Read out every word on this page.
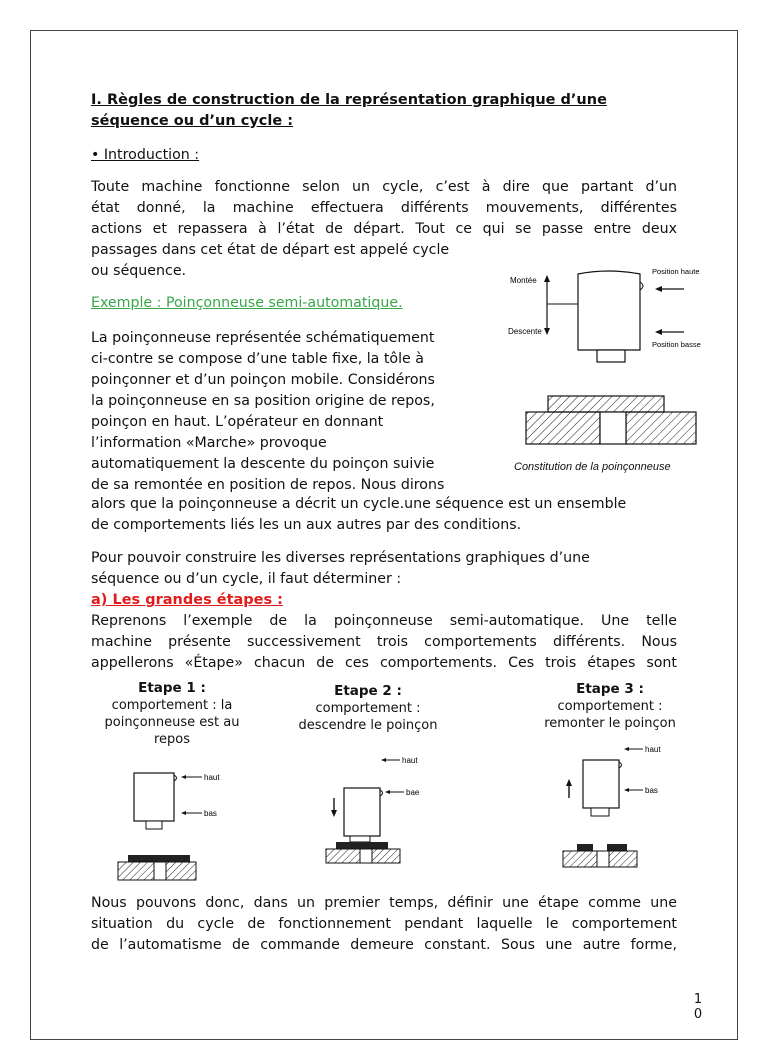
I. Règles de construction de la représentation graphique d’une
séquence ou d’un cycle :
• Introduction :
Toute machine fonctionne selon un cycle, c’est à dire que partant d’un
état donné, la machine effectuera différents mouvements, différentes
actions et repassera à l’état de départ. Tout ce qui se passe entre deux
passages dans cet état de départ est appelé cycle
ou séquence.
Exemple : Poinçonneuse semi-automatique.
La poinçonneuse représentée schématiquement
ci-contre se compose d’une table fixe, la tôle à
poinçonner et d’un poinçon mobile. Considérons
la poinçonneuse en sa position origine de repos,
poinçon en haut. L’opérateur en donnant
l’information «Marche» provoque
automatiquement la descente du poinçon suivie
de sa remontée en position de repos. Nous dirons
alors que la poinçonneuse a décrit un cycle.une séquence est un ensemble
de comportements liés les un aux autres par des conditions.
Montée
Descente
Position haute
Position basse
Constitution de la poinçonneuse
Pour pouvoir construire les diverses représentations graphiques d’une
séquence ou d’un cycle, il faut déterminer :
a) Les grandes étapes :
Reprenons l’exemple de la poinçonneuse semi-automatique. Une telle
machine présente successivement trois comportements différents. Nous
appellerons «Étape» chacun de ces comportements. Ces trois étapes sont
Etape 1 :
comportement : la
poinçonneuse est au
repos
Etape 2 :
comportement :
descendre le poinçon
Etape 3 :
comportement :
remonter le poinçon
haut
bas
haut
bae
haut
bas
Nous pouvons donc, dans un premier temps, définir une étape comme une
situation du cycle de fonctionnement pendant laquelle le comportement
de l’automatisme de commande demeure constant. Sous une autre forme,
1
0
